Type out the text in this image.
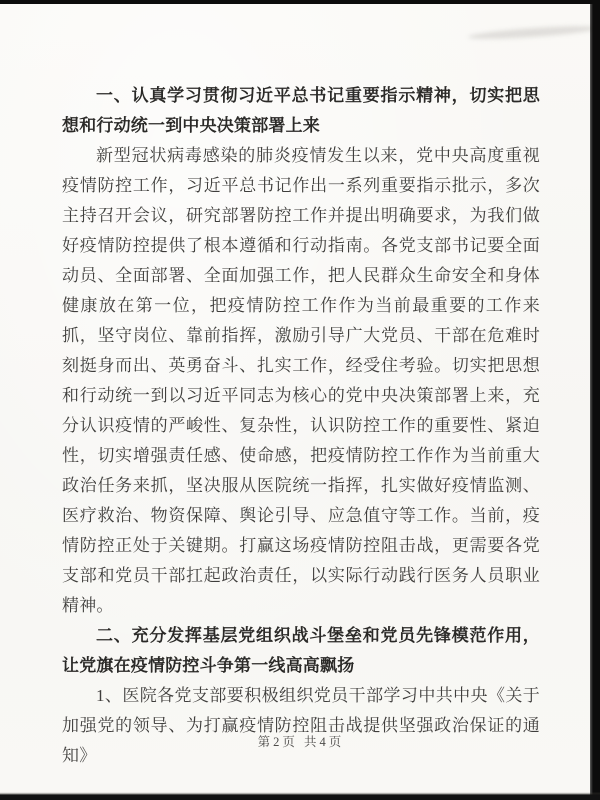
一、认真学习贯彻习近平总书记重要指示精神，切实把思想和行动统一到中央决策部署上来

新型冠状病毒感染的肺炎疫情发生以来，党中央高度重视疫情防控工作，习近平总书记作出一系列重要指示批示，多次主持召开会议，研究部署防控工作并提出明确要求，为我们做好疫情防控提供了根本遵循和行动指南。各党支部书记要全面动员、全面部署、全面加强工作，把人民群众生命安全和身体健康放在第一位，把疫情防控工作作为当前最重要的工作来抓，坚守岗位、靠前指挥，激励引导广大党员、干部在危难时刻挺身而出、英勇奋斗、扎实工作，经受住考验。切实把思想和行动统一到以习近平同志为核心的党中央决策部署上来，充分认识疫情的严峻性、复杂性，认识防控工作的重要性、紧迫性，切实增强责任感、使命感，把疫情防控工作作为当前重大政治任务来抓，坚决服从医院统一指挥，扎实做好疫情监测、医疗救治、物资保障、舆论引导、应急值守等工作。当前，疫情防控正处于关键期。打赢这场疫情防控阻击战，更需要各党支部和党员干部扛起政治责任，以实际行动践行医务人员职业精神。

二、充分发挥基层党组织战斗堡垒和党员先锋模范作用，让党旗在疫情防控斗争第一线高高飘扬

1、医院各党支部要积极组织党员干部学习中共中央《关于加强党的领导、为打赢疫情防控阻击战提供坚强政治保证的通知》

第2页 共4页
